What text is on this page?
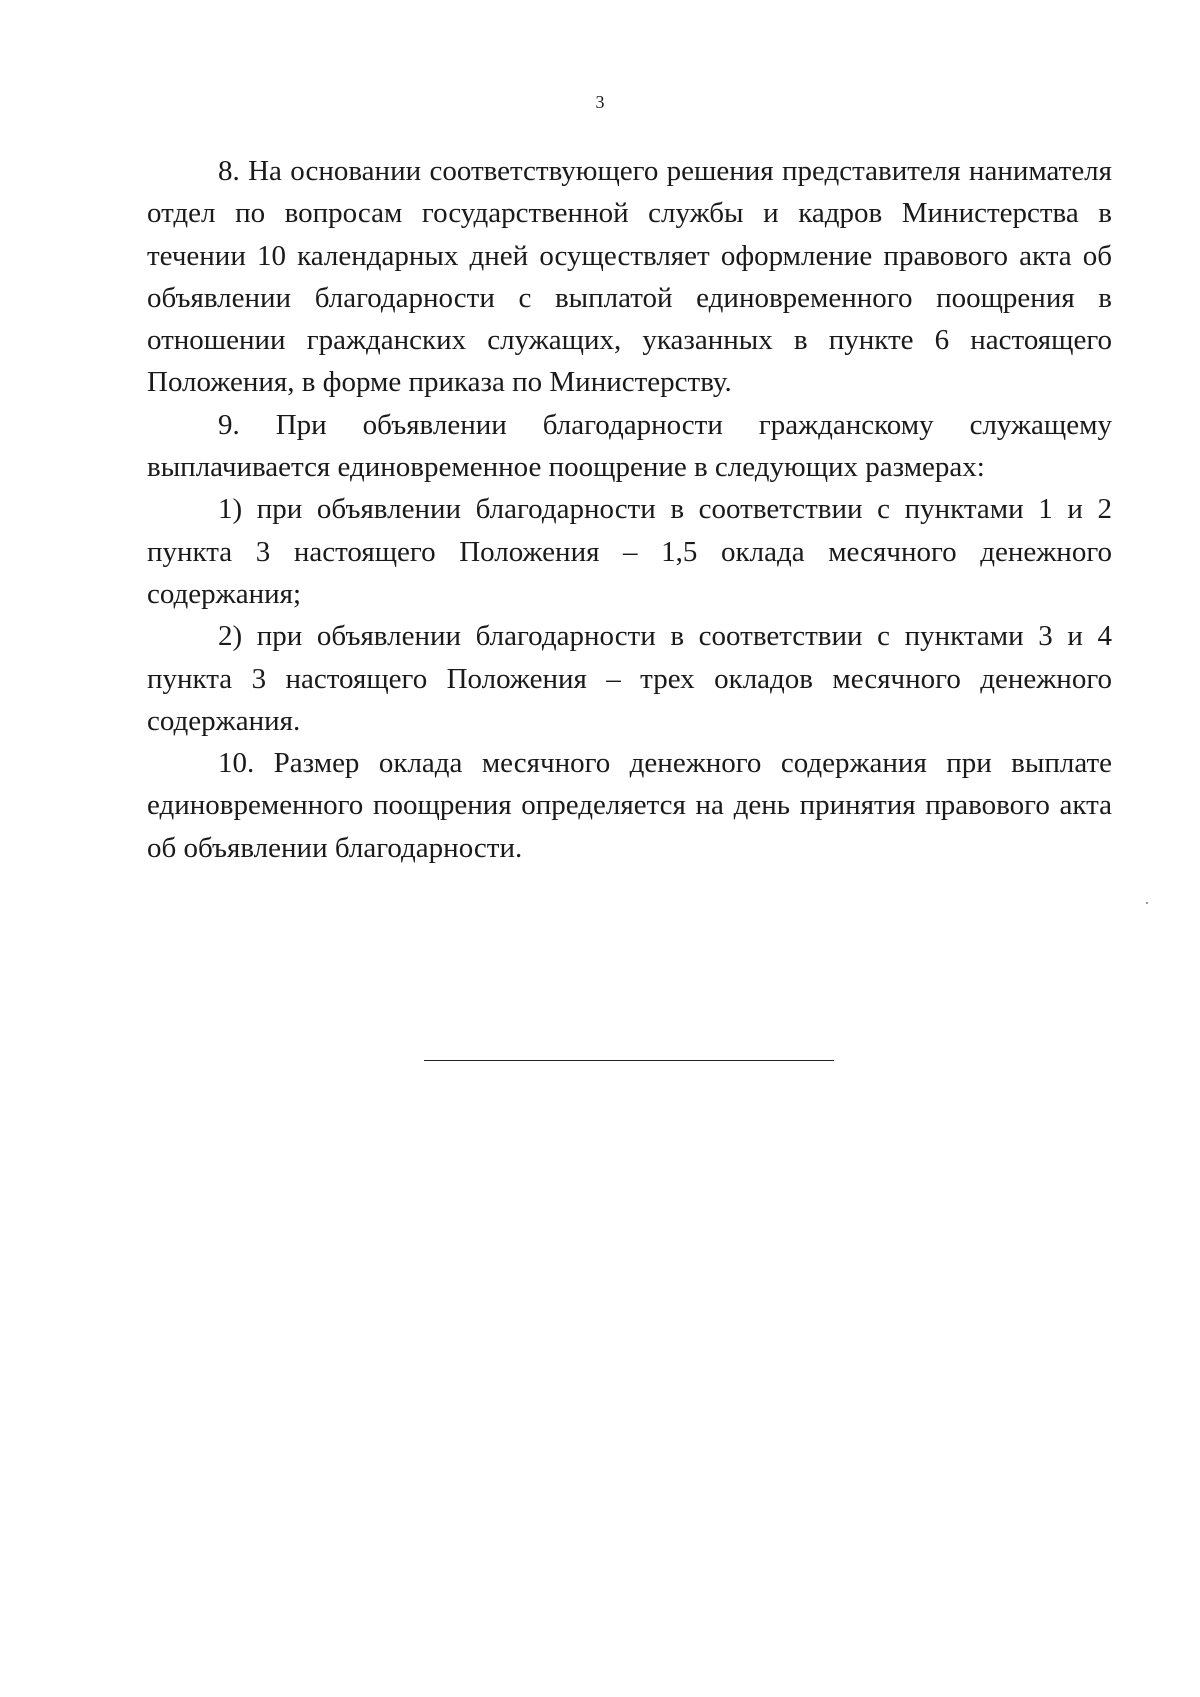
3

8. На основании соответствующего решения представителя нанимателя отдел по вопросам государственной службы и кадров Министерства в течении 10 календарных дней осуществляет оформление правового акта об объявлении благодарности с выплатой единовременного поощрения в отношении гражданских служащих, указанных в пункте 6 настоящего Положения, в форме приказа по Министерству.

9. При объявлении благодарности гражданскому служащему выплачивается единовременное поощрение в следующих размерах:

1) при объявлении благодарности в соответствии с пунктами 1 и 2 пункта 3 настоящего Положения – 1,5 оклада месячного денежного содержания;

2) при объявлении благодарности в соответствии с пунктами 3 и 4 пункта 3 настоящего Положения – трех окладов месячного денежного содержания.

10. Размер оклада месячного денежного содержания при выплате единовременного поощрения определяется на день принятия правового акта об объявлении благодарности.
